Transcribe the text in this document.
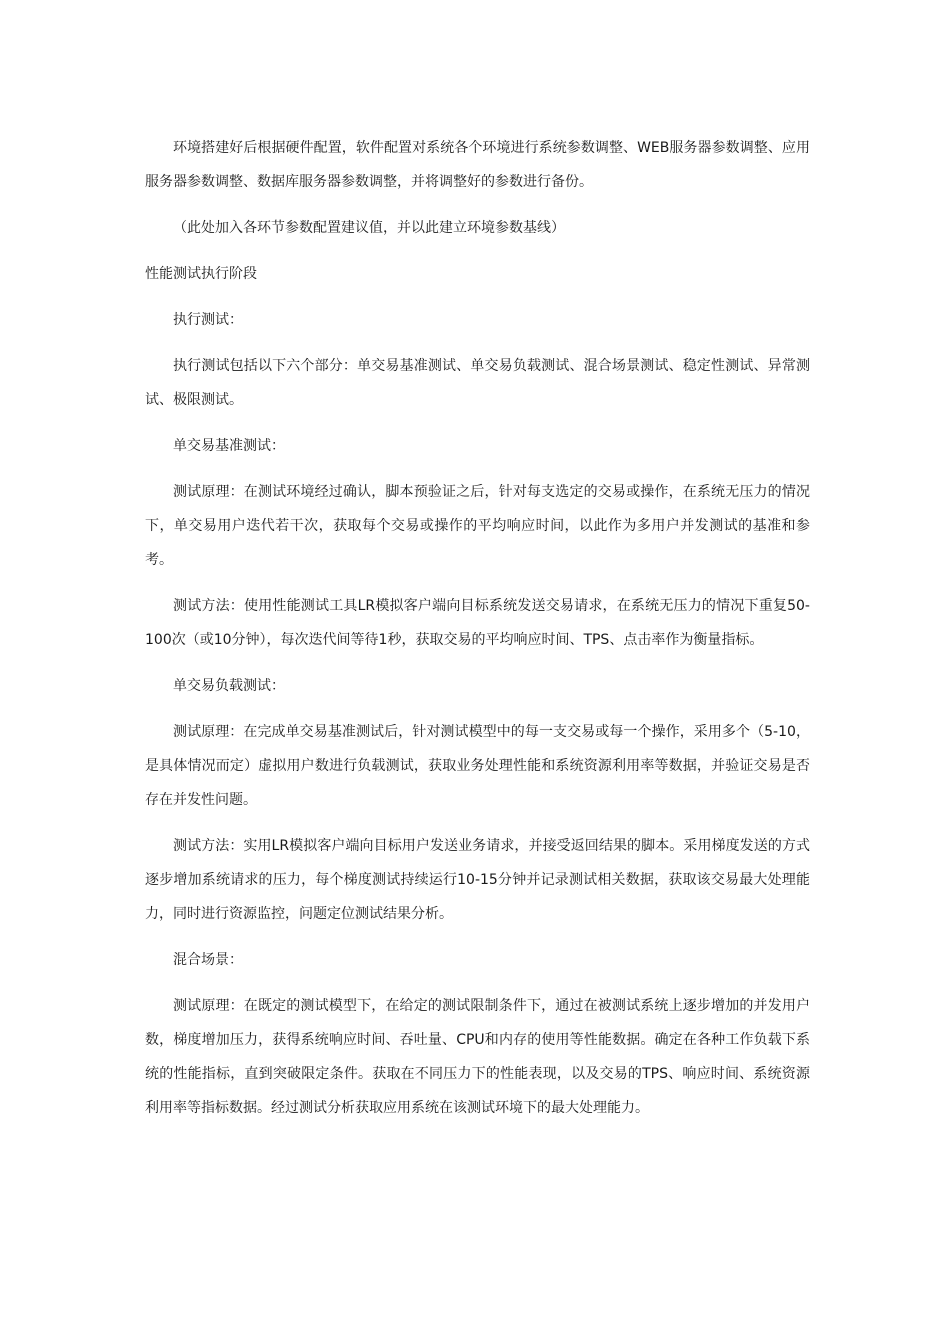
环境搭建好后根据硬件配置，软件配置对系统各个环境进行系统参数调整、WEB服务器参数调整、应用服务器参数调整、数据库服务器参数调整，并将调整好的参数进行备份。

（此处加入各环节参数配置建议值，并以此建立环境参数基线）

性能测试执行阶段

执行测试：

执行测试包括以下六个部分：单交易基准测试、单交易负载测试、混合场景测试、稳定性测试、异常测试、极限测试。

单交易基准测试：

测试原理：在测试环境经过确认，脚本预验证之后，针对每支选定的交易或操作，在系统无压力的情况下，单交易用户迭代若干次，获取每个交易或操作的平均响应时间，以此作为多用户并发测试的基准和参考。

测试方法：使用性能测试工具LR模拟客户端向目标系统发送交易请求，在系统无压力的情况下重复50-100次（或10分钟），每次迭代间等待1秒，获取交易的平均响应时间、TPS、点击率作为衡量指标。

单交易负载测试：

测试原理：在完成单交易基准测试后，针对测试模型中的每一支交易或每一个操作，采用多个（5-10，是具体情况而定）虚拟用户数进行负载测试，获取业务处理性能和系统资源利用率等数据，并验证交易是否存在并发性问题。

测试方法：实用LR模拟客户端向目标用户发送业务请求，并接受返回结果的脚本。采用梯度发送的方式逐步增加系统请求的压力，每个梯度测试持续运行10-15分钟并记录测试相关数据，获取该交易最大处理能力，同时进行资源监控，问题定位测试结果分析。

混合场景：

测试原理：在既定的测试模型下，在给定的测试限制条件下，通过在被测试系统上逐步增加的并发用户数，梯度增加压力，获得系统响应时间、吞吐量、CPU和内存的使用等性能数据。确定在各种工作负载下系统的性能指标，直到突破限定条件。获取在不同压力下的性能表现，以及交易的TPS、响应时间、系统资源利用率等指标数据。经过测试分析获取应用系统在该测试环境下的最大处理能力。
